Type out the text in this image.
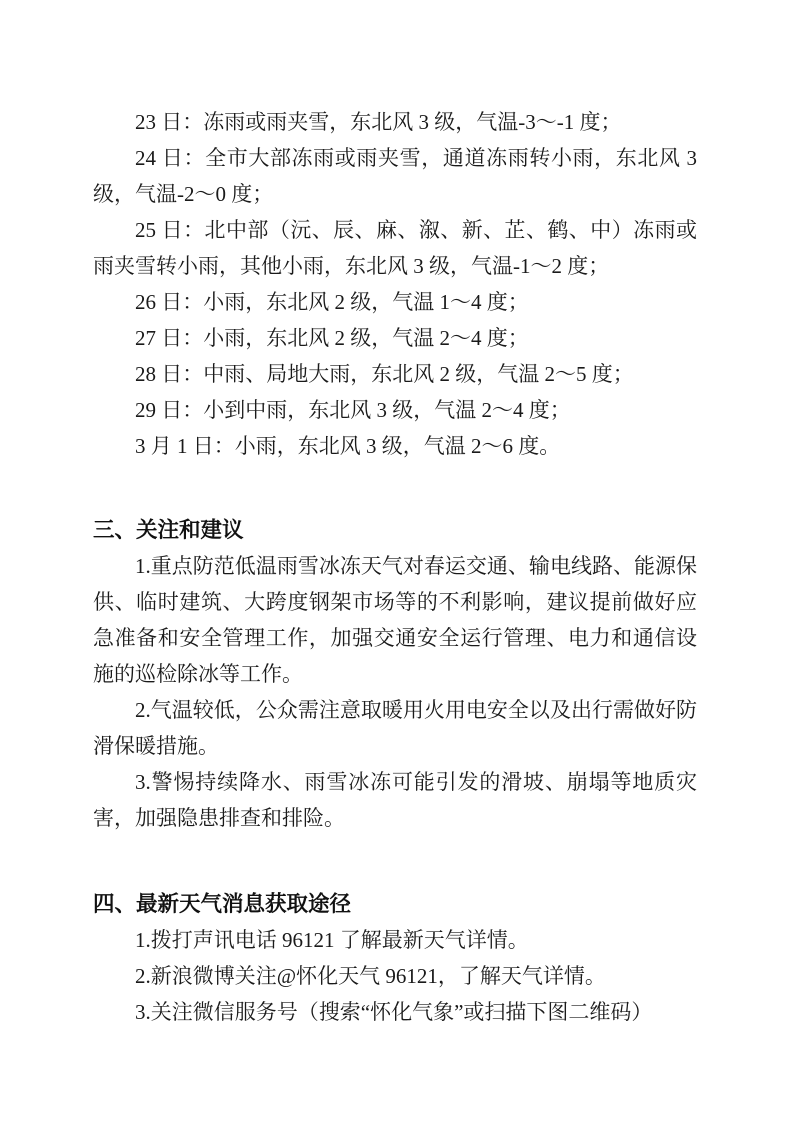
23 日：冻雨或雨夹雪，东北风 3 级，气温-3～-1 度；

24 日：全市大部冻雨或雨夹雪，通道冻雨转小雨，东北风 3 级，气温-2～0 度；

25 日：北中部（沅、辰、麻、溆、新、芷、鹤、中）冻雨或雨夹雪转小雨，其他小雨，东北风 3 级，气温-1～2 度；

26 日：小雨，东北风 2 级，气温 1～4 度；

27 日：小雨，东北风 2 级，气温 2～4 度；

28 日：中雨、局地大雨，东北风 2 级，气温 2～5 度；

29 日：小到中雨，东北风 3 级，气温 2～4 度；

3 月 1 日：小雨，东北风 3 级，气温 2～6 度。

三、关注和建议

1.重点防范低温雨雪冰冻天气对春运交通、输电线路、能源保供、临时建筑、大跨度钢架市场等的不利影响，建议提前做好应急准备和安全管理工作，加强交通安全运行管理、电力和通信设施的巡检除冰等工作。

2.气温较低，公众需注意取暖用火用电安全以及出行需做好防滑保暖措施。

3.警惕持续降水、雨雪冰冻可能引发的滑坡、崩塌等地质灾害，加强隐患排查和排险。

四、最新天气消息获取途径

1.拨打声讯电话 96121 了解最新天气详情。

2.新浪微博关注@怀化天气 96121，了解天气详情。

3.关注微信服务号（搜索“怀化气象”或扫描下图二维码）
